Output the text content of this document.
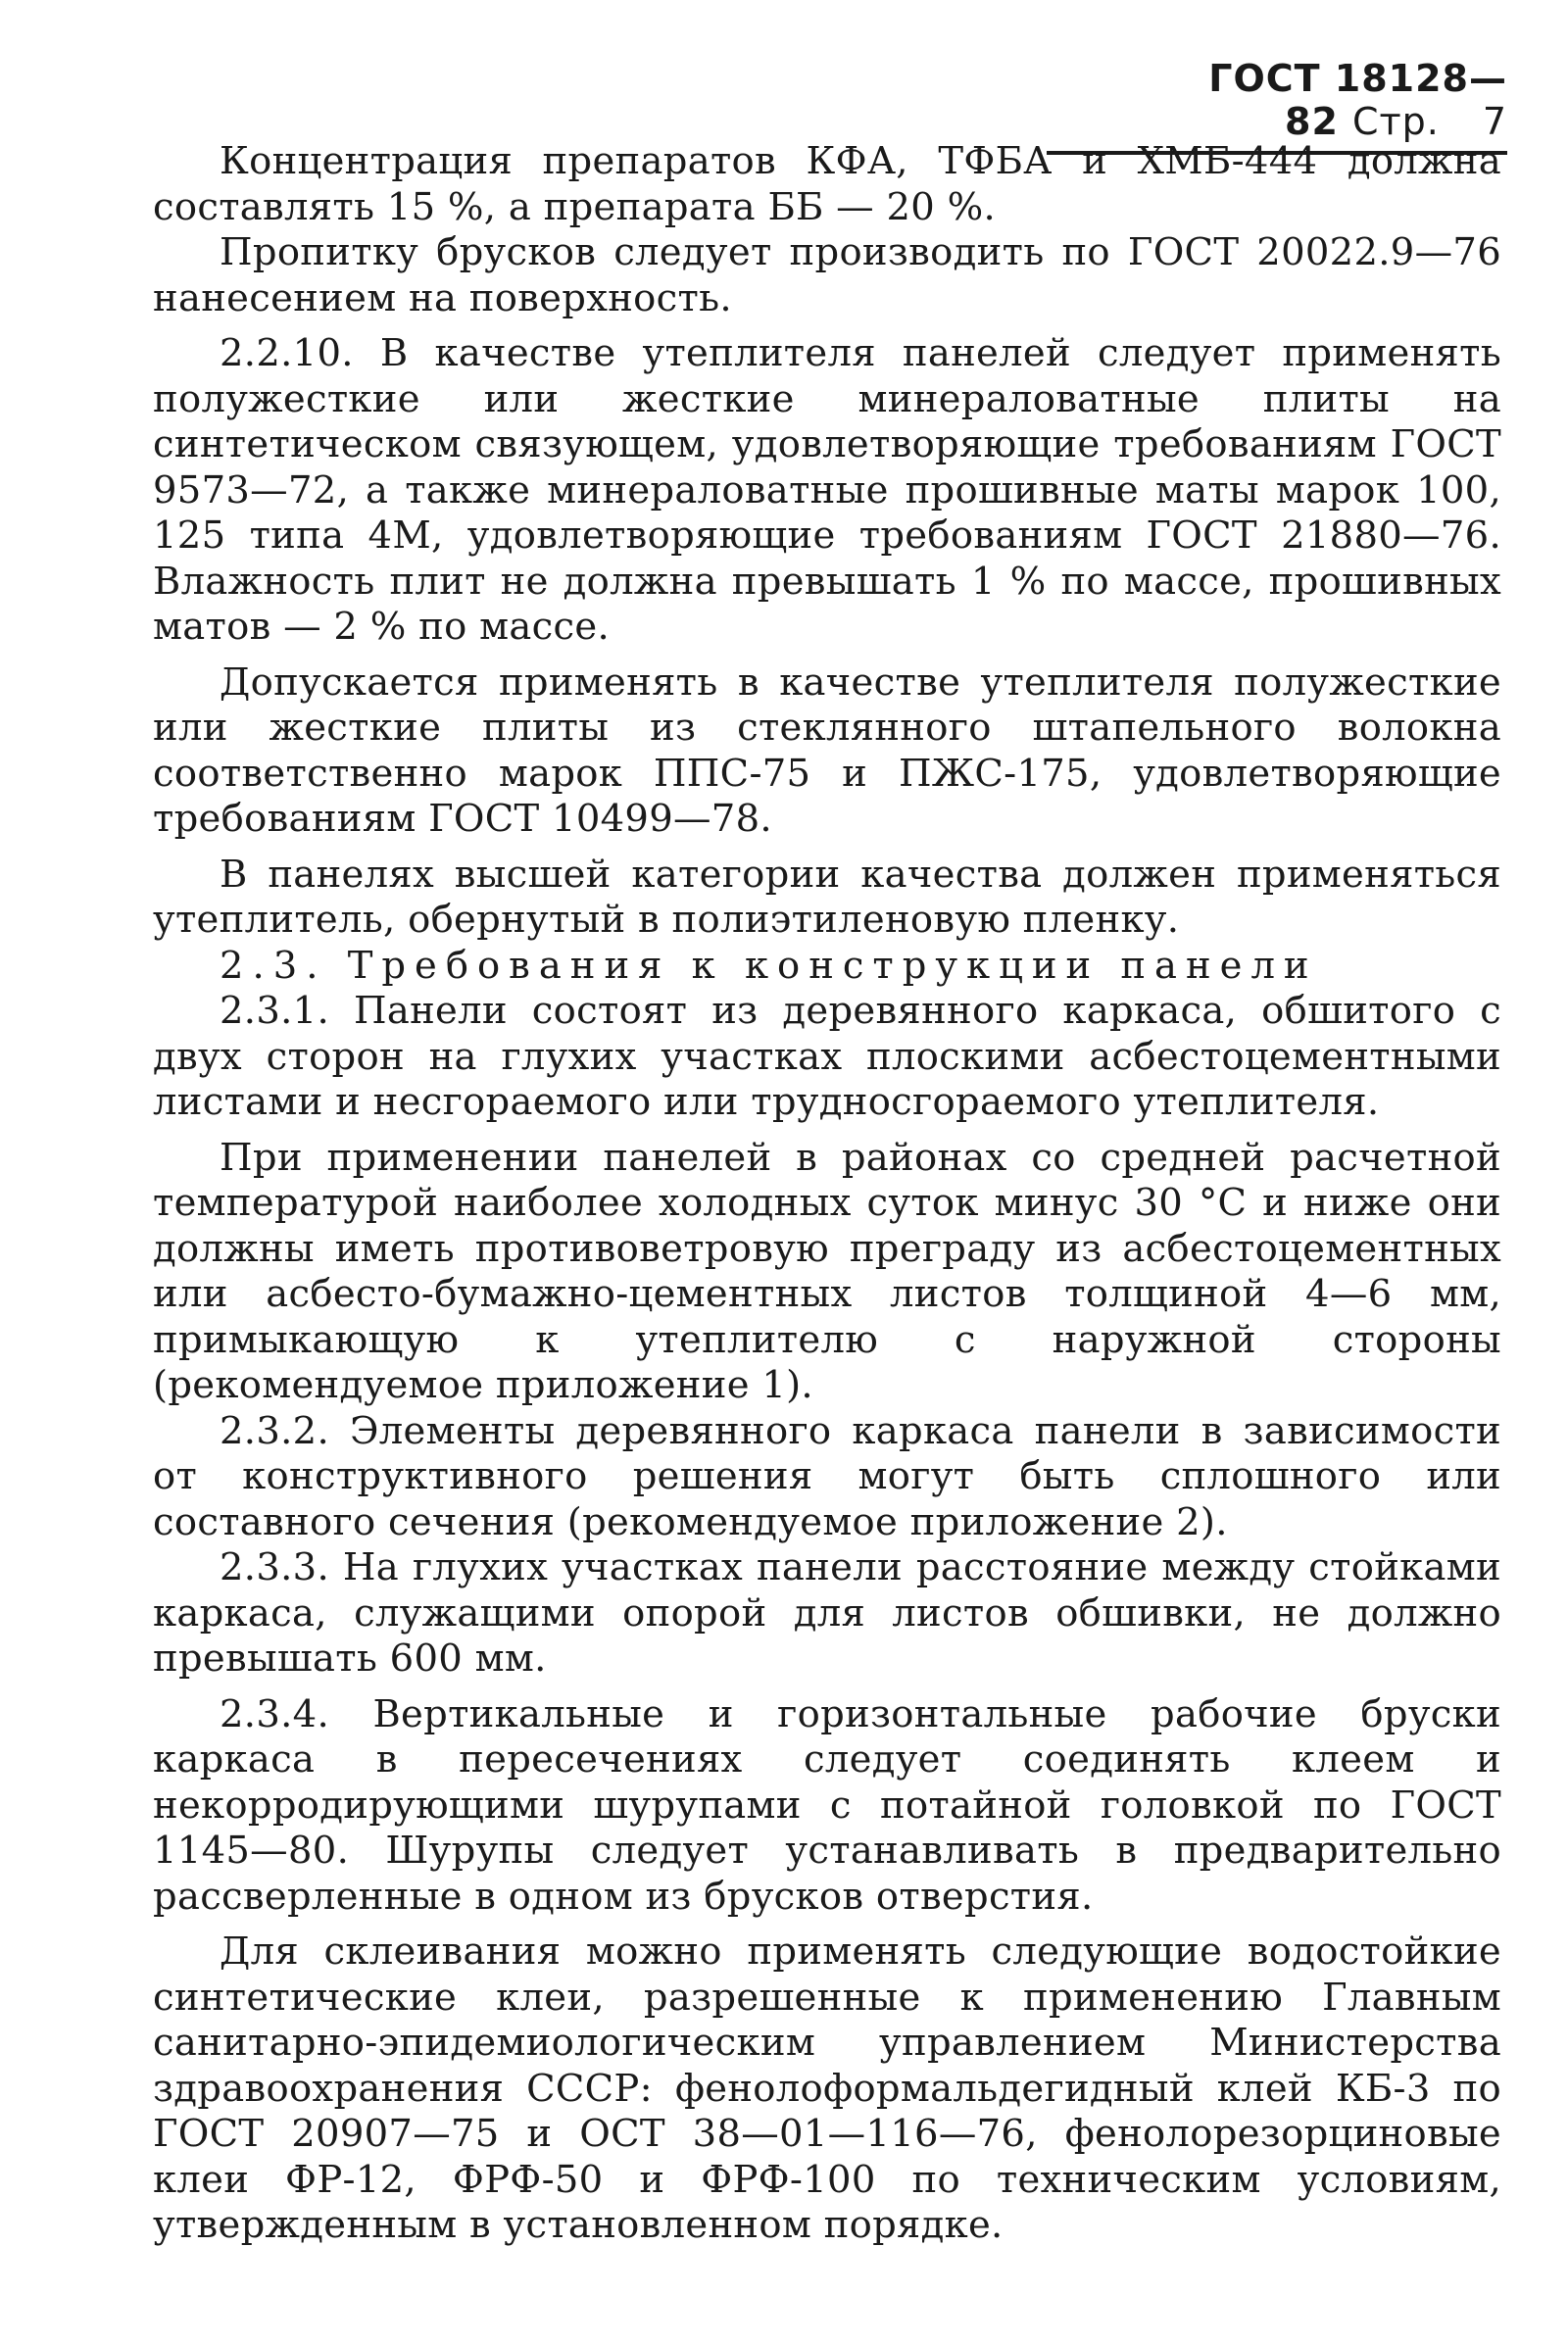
ГОСТ 18128—82 Стр. 7

Концентрация препаратов КФА, ТФБА и ХМБ-444 должна составлять 15 %, а препарата ББ — 20 %.

Пропитку брусков следует производить по ГОСТ 20022.9—76 нанесением на поверхность.

2.2.10. В качестве утеплителя панелей следует применять полужесткие или жесткие минераловатные плиты на синтетическом связующем, удовлетворяющие требованиям ГОСТ 9573—72, а также минераловатные прошивные маты марок 100, 125 типа 4М, удовлетворяющие требованиям ГОСТ 21880—76. Влажность плит не должна превышать 1 % по массе, прошивных матов — 2 % по массе.

Допускается применять в качестве утеплителя полужесткие или жесткие плиты из стеклянного штапельного волокна соответственно марок ППС-75 и ПЖС-175, удовлетворяющие требованиям ГОСТ 10499—78.

В панелях высшей категории качества должен применяться утеплитель, обернутый в полиэтиленовую пленку.

2.3. Требования к конструкции панели

2.3.1. Панели состоят из деревянного каркаса, обшитого с двух сторон на глухих участках плоскими асбестоцементными листами и несгораемого или трудносгораемого утеплителя.

При применении панелей в районах со средней расчетной температурой наиболее холодных суток минус 30 °С и ниже они должны иметь противоветровую преграду из асбестоцементных или асбесто-бумажно-цементных листов толщиной 4—6 мм, примыкающую к утеплителю с наружной стороны (рекомендуемое приложение 1).

2.3.2. Элементы деревянного каркаса панели в зависимости от конструктивного решения могут быть сплошного или составного сечения (рекомендуемое приложение 2).

2.3.3. На глухих участках панели расстояние между стойками каркаса, служащими опорой для листов обшивки, не должно превышать 600 мм.

2.3.4. Вертикальные и горизонтальные рабочие бруски каркаса в пересечениях следует соединять клеем и некорродирующими шурупами с потайной головкой по ГОСТ 1145—80. Шурупы следует устанавливать в предварительно рассверленные в одном из брусков отверстия.

Для склеивания можно применять следующие водостойкие синтетические клеи, разрешенные к применению Главным санитарно-эпидемиологическим управлением Министерства здравоохранения СССР: фенолоформальдегидный клей КБ-3 по ГОСТ 20907—75 и ОСТ 38—01—116—76, фенолорезорциновые клеи ФР-12, ФРФ-50 и ФРФ-100 по техническим условиям, утвержденным в установленном порядке.
